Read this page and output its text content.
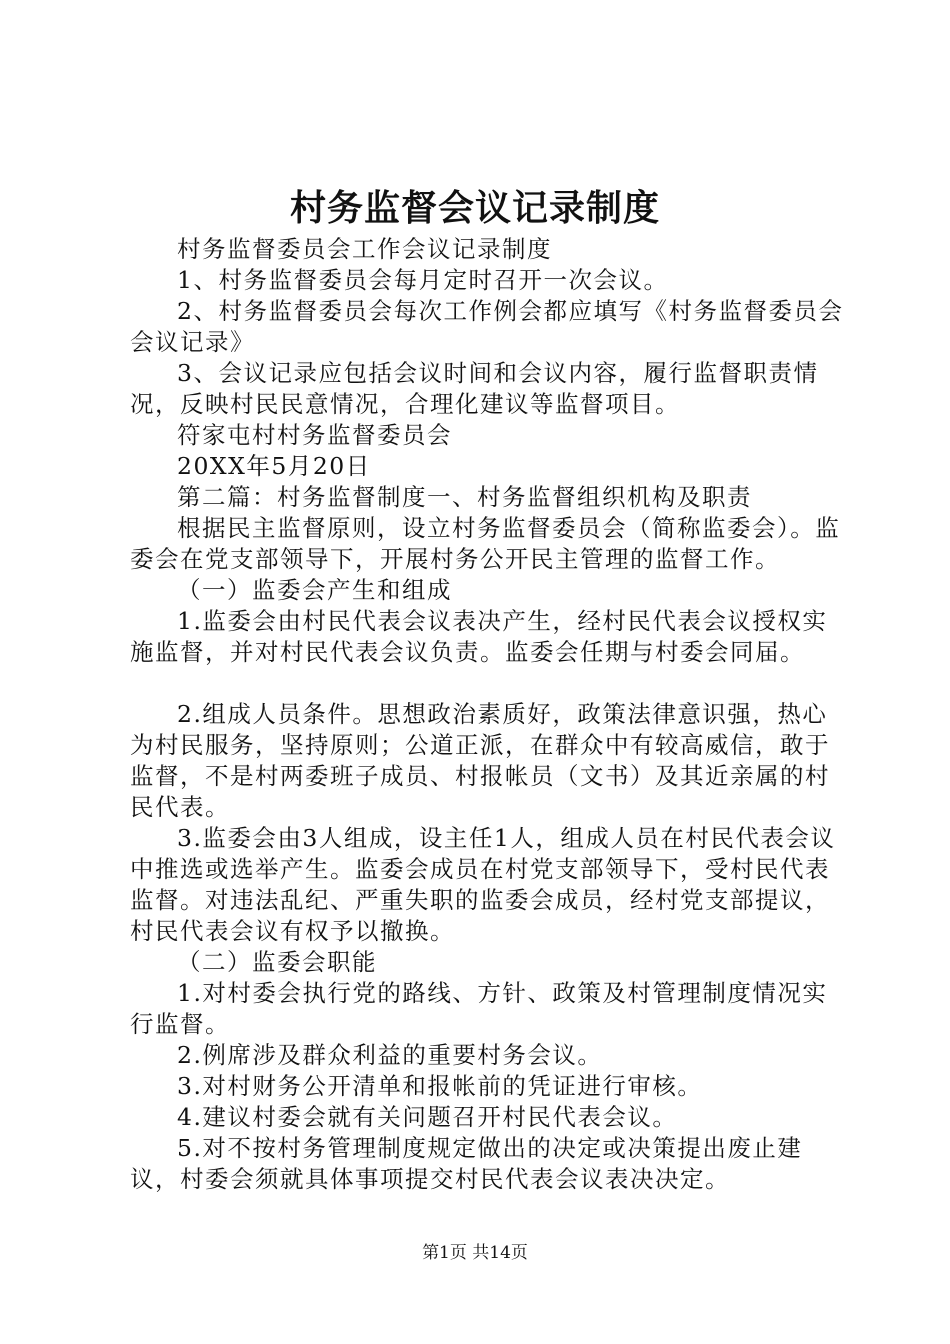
村务监督会议记录制度

村务监督委员会工作会议记录制度

1、村务监督委员会每月定时召开一次会议。

2、村务监督委员会每次工作例会都应填写《村务监督委员会会议记录》

3、会议记录应包括会议时间和会议内容，履行监督职责情况，反映村民民意情况，合理化建议等监督项目。

符家屯村村务监督委员会

20XX年5月20日

第二篇：村务监督制度一、村务监督组织机构及职责

根据民主监督原则，设立村务监督委员会（简称监委会）。监委会在党支部领导下，开展村务公开民主管理的监督工作。

（一）监委会产生和组成

1.监委会由村民代表会议表决产生，经村民代表会议授权实施监督，并对村民代表会议负责。监委会任期与村委会同届。

2.组成人员条件。思想政治素质好，政策法律意识强，热心为村民服务，坚持原则；公道正派，在群众中有较高威信，敢于监督，不是村两委班子成员、村报帐员（文书）及其近亲属的村民代表。

3.监委会由3人组成，设主任1人，组成人员在村民代表会议中推选或选举产生。监委会成员在村党支部领导下，受村民代表监督。对违法乱纪、严重失职的监委会成员，经村党支部提议，村民代表会议有权予以撤换。

（二）监委会职能

1.对村委会执行党的路线、方针、政策及村管理制度情况实行监督。

2.例席涉及群众利益的重要村务会议。

3.对村财务公开清单和报帐前的凭证进行审核。

4.建议村委会就有关问题召开村民代表会议。

5.对不按村务管理制度规定做出的决定或决策提出废止建议，村委会须就具体事项提交村民代表会议表决决定。

第1页 共14页
